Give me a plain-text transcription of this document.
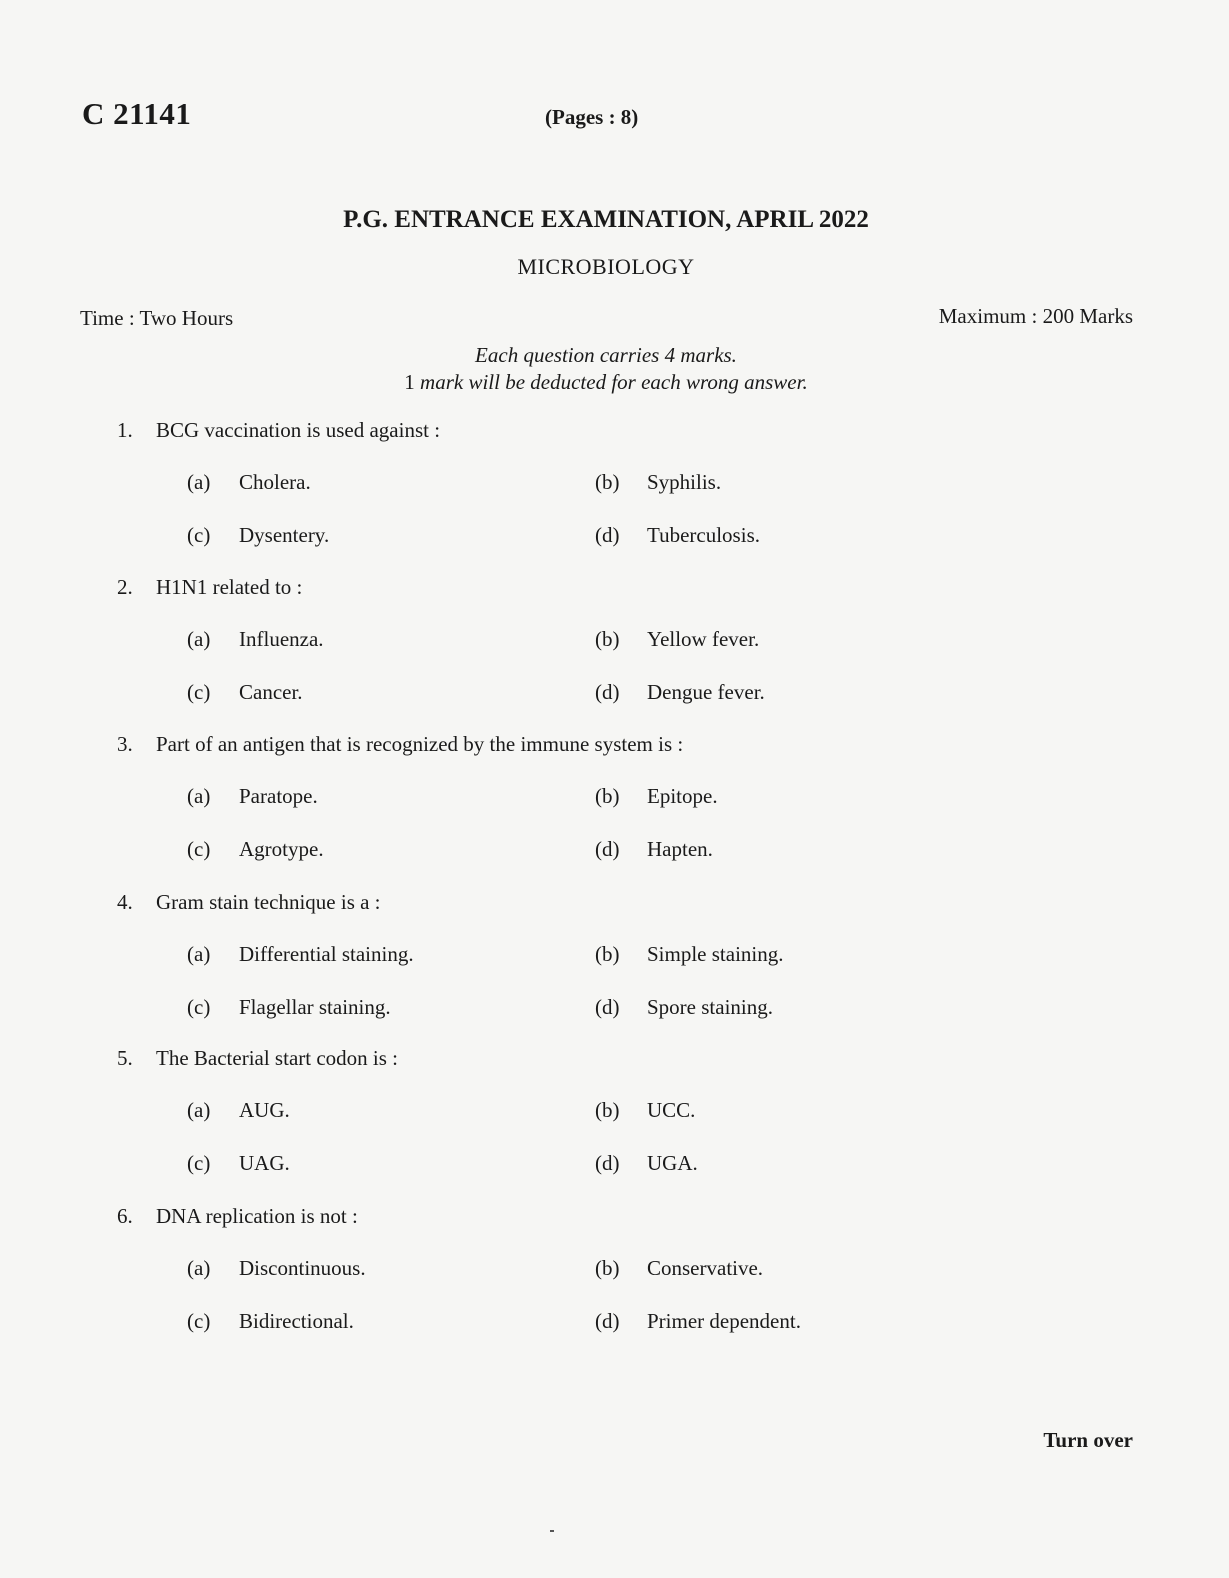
C 21141	(Pages : 8)
P.G. ENTRANCE EXAMINATION, APRIL 2022
MICROBIOLOGY
Time : Two Hours	Maximum : 200 Marks
Each question carries 4 marks.
1 mark will be deducted for each wrong answer.
1. BCG vaccination is used against :
(a) Cholera.	(b) Syphilis.
(c) Dysentery.	(d) Tuberculosis.
2. H1N1 related to :
(a) Influenza.	(b) Yellow fever.
(c) Cancer.	(d) Dengue fever.
3. Part of an antigen that is recognized by the immune system is :
(a) Paratope.	(b) Epitope.
(c) Agrotype.	(d) Hapten.
4. Gram stain technique is a :
(a) Differential staining.	(b) Simple staining.
(c) Flagellar staining.	(d) Spore staining.
5. The Bacterial start codon is :
(a) AUG.	(b) UCC.
(c) UAG.	(d) UGA.
6. DNA replication is not :
(a) Discontinuous.	(b) Conservative.
(c) Bidirectional.	(d) Primer dependent.
Turn over
